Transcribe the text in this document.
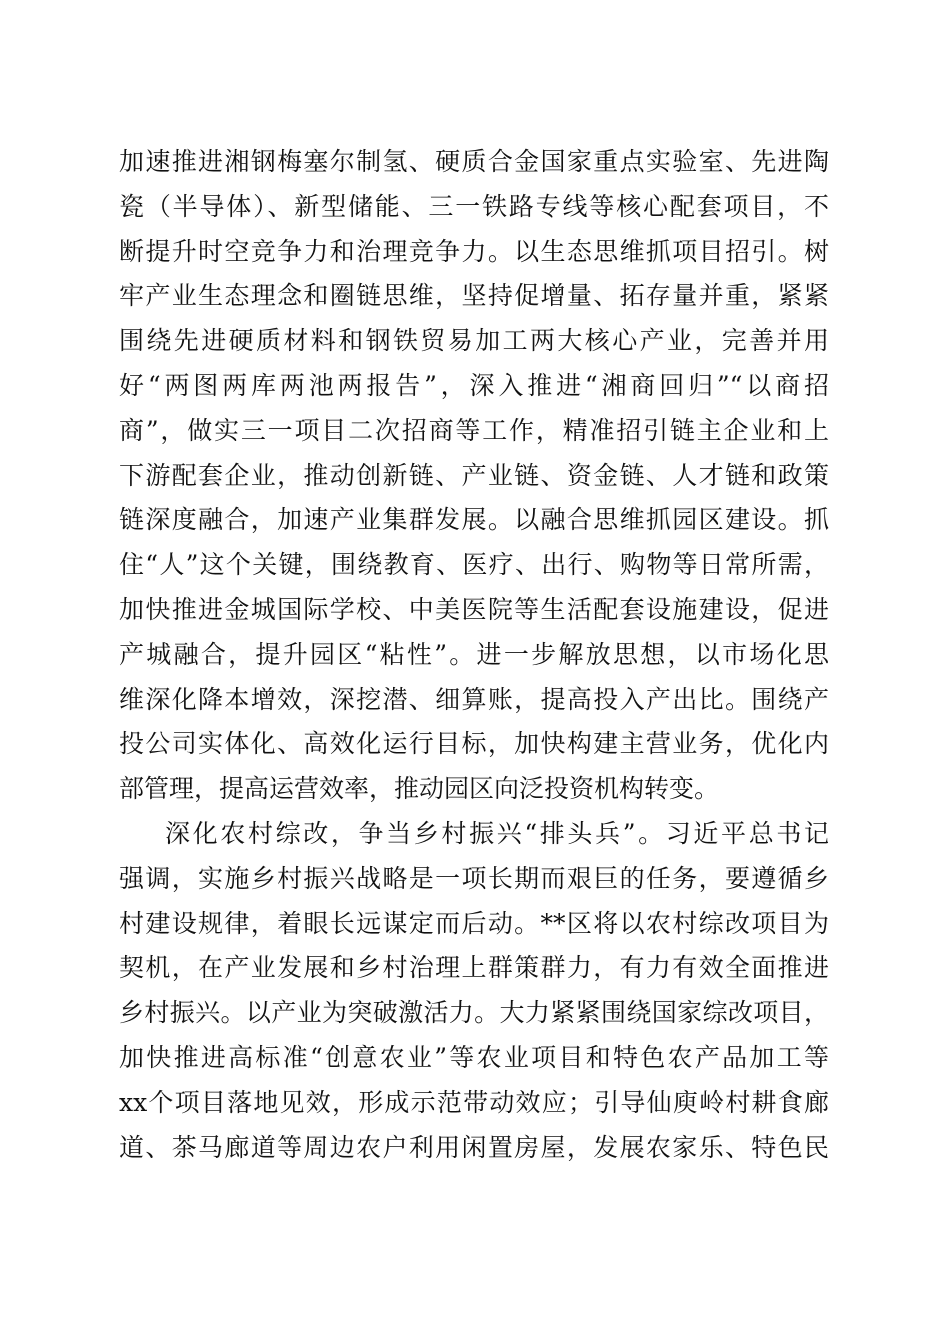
加速推进湘钢梅塞尔制氢、硬质合金国家重点实验室、先进陶
瓷（半导体）、新型储能、三一铁路专线等核心配套项目，不
断提升时空竞争力和治理竞争力。以生态思维抓项目招引。树
牢产业生态理念和圈链思维，坚持促增量、拓存量并重，紧紧
围绕先进硬质材料和钢铁贸易加工两大核心产业，完善并用
好“两图两库两池两报告”，深入推进“湘商回归”“以商招
商”，做实三一项目二次招商等工作，精准招引链主企业和上
下游配套企业，推动创新链、产业链、资金链、人才链和政策
链深度融合，加速产业集群发展。以融合思维抓园区建设。抓
住“人”这个关键，围绕教育、医疗、出行、购物等日常所需，
加快推进金城国际学校、中美医院等生活配套设施建设，促进
产城融合，提升园区“粘性”。进一步解放思想，以市场化思
维深化降本增效，深挖潜、细算账，提高投入产出比。围绕产
投公司实体化、高效化运行目标，加快构建主营业务，优化内
部管理，提高运营效率，推动园区向泛投资机构转变。
深化农村综改，争当乡村振兴“排头兵”。习近平总书记
强调，实施乡村振兴战略是一项长期而艰巨的任务，要遵循乡
村建设规律，着眼长远谋定而后动。**区将以农村综改项目为
契机，在产业发展和乡村治理上群策群力，有力有效全面推进
乡村振兴。以产业为突破激活力。大力紧紧围绕国家综改项目，
加快推进高标准“创意农业”等农业项目和特色农产品加工等
xx个项目落地见效，形成示范带动效应；引导仙庾岭村耕食廊
道、茶马廊道等周边农户利用闲置房屋，发展农家乐、特色民
